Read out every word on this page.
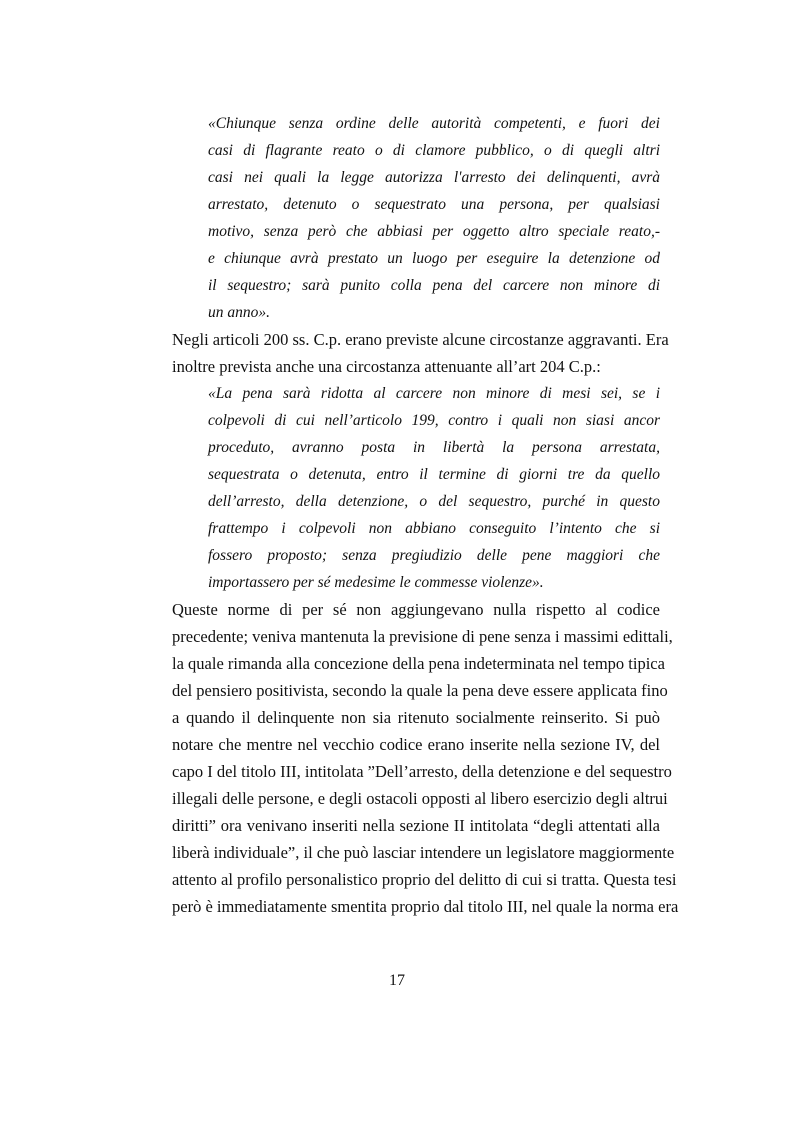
«Chiunque senza ordine delle autorità competenti, e fuori dei
casi di flagrante reato o di clamore pubblico, o di quegli altri
casi nei quali la legge autorizza l'arresto dei delinquenti, avrà
arrestato, detenuto o sequestrato una persona, per qualsiasi
motivo, senza però che abbiasi per oggetto altro speciale reato,-
e chiunque avrà prestato un luogo per eseguire la detenzione od
il sequestro; sarà punito colla pena del carcere non minore di
un anno».
Negli articoli 200 ss. C.p. erano previste alcune circostanze aggravanti. Era
inoltre prevista anche una circostanza attenuante all’art 204 C.p.:
«La pena sarà ridotta al carcere non minore di mesi sei, se i
colpevoli di cui nell’articolo 199, contro i quali non siasi ancor
proceduto, avranno posta in libertà la persona arrestata,
sequestrata o detenuta, entro il termine di giorni tre da quello
dell’arresto, della detenzione, o del sequestro, purché in questo
frattempo i colpevoli non abbiano conseguito l’intento che si
fossero proposto; senza pregiudizio delle pene maggiori che
importassero per sé medesime le commesse violenze».
Queste norme di per sé non aggiungevano nulla rispetto al codice
precedente; veniva mantenuta la previsione di pene senza i massimi edittali,
la quale rimanda alla concezione della pena indeterminata nel tempo tipica
del pensiero positivista, secondo la quale la pena deve essere applicata fino
a quando il delinquente non sia ritenuto socialmente reinserito. Si può
notare che mentre nel vecchio codice erano inserite nella sezione IV, del
capo I del titolo III, intitolata ”Dell’arresto, della detenzione e del sequestro
illegali delle persone, e degli ostacoli opposti al libero esercizio degli altrui
diritti” ora venivano inseriti nella sezione II intitolata “degli attentati alla
liberà individuale”, il che può lasciar intendere un legislatore maggiormente
attento al profilo personalistico proprio del delitto di cui si tratta. Questa tesi
però è immediatamente smentita proprio dal titolo III, nel quale la norma era
17
